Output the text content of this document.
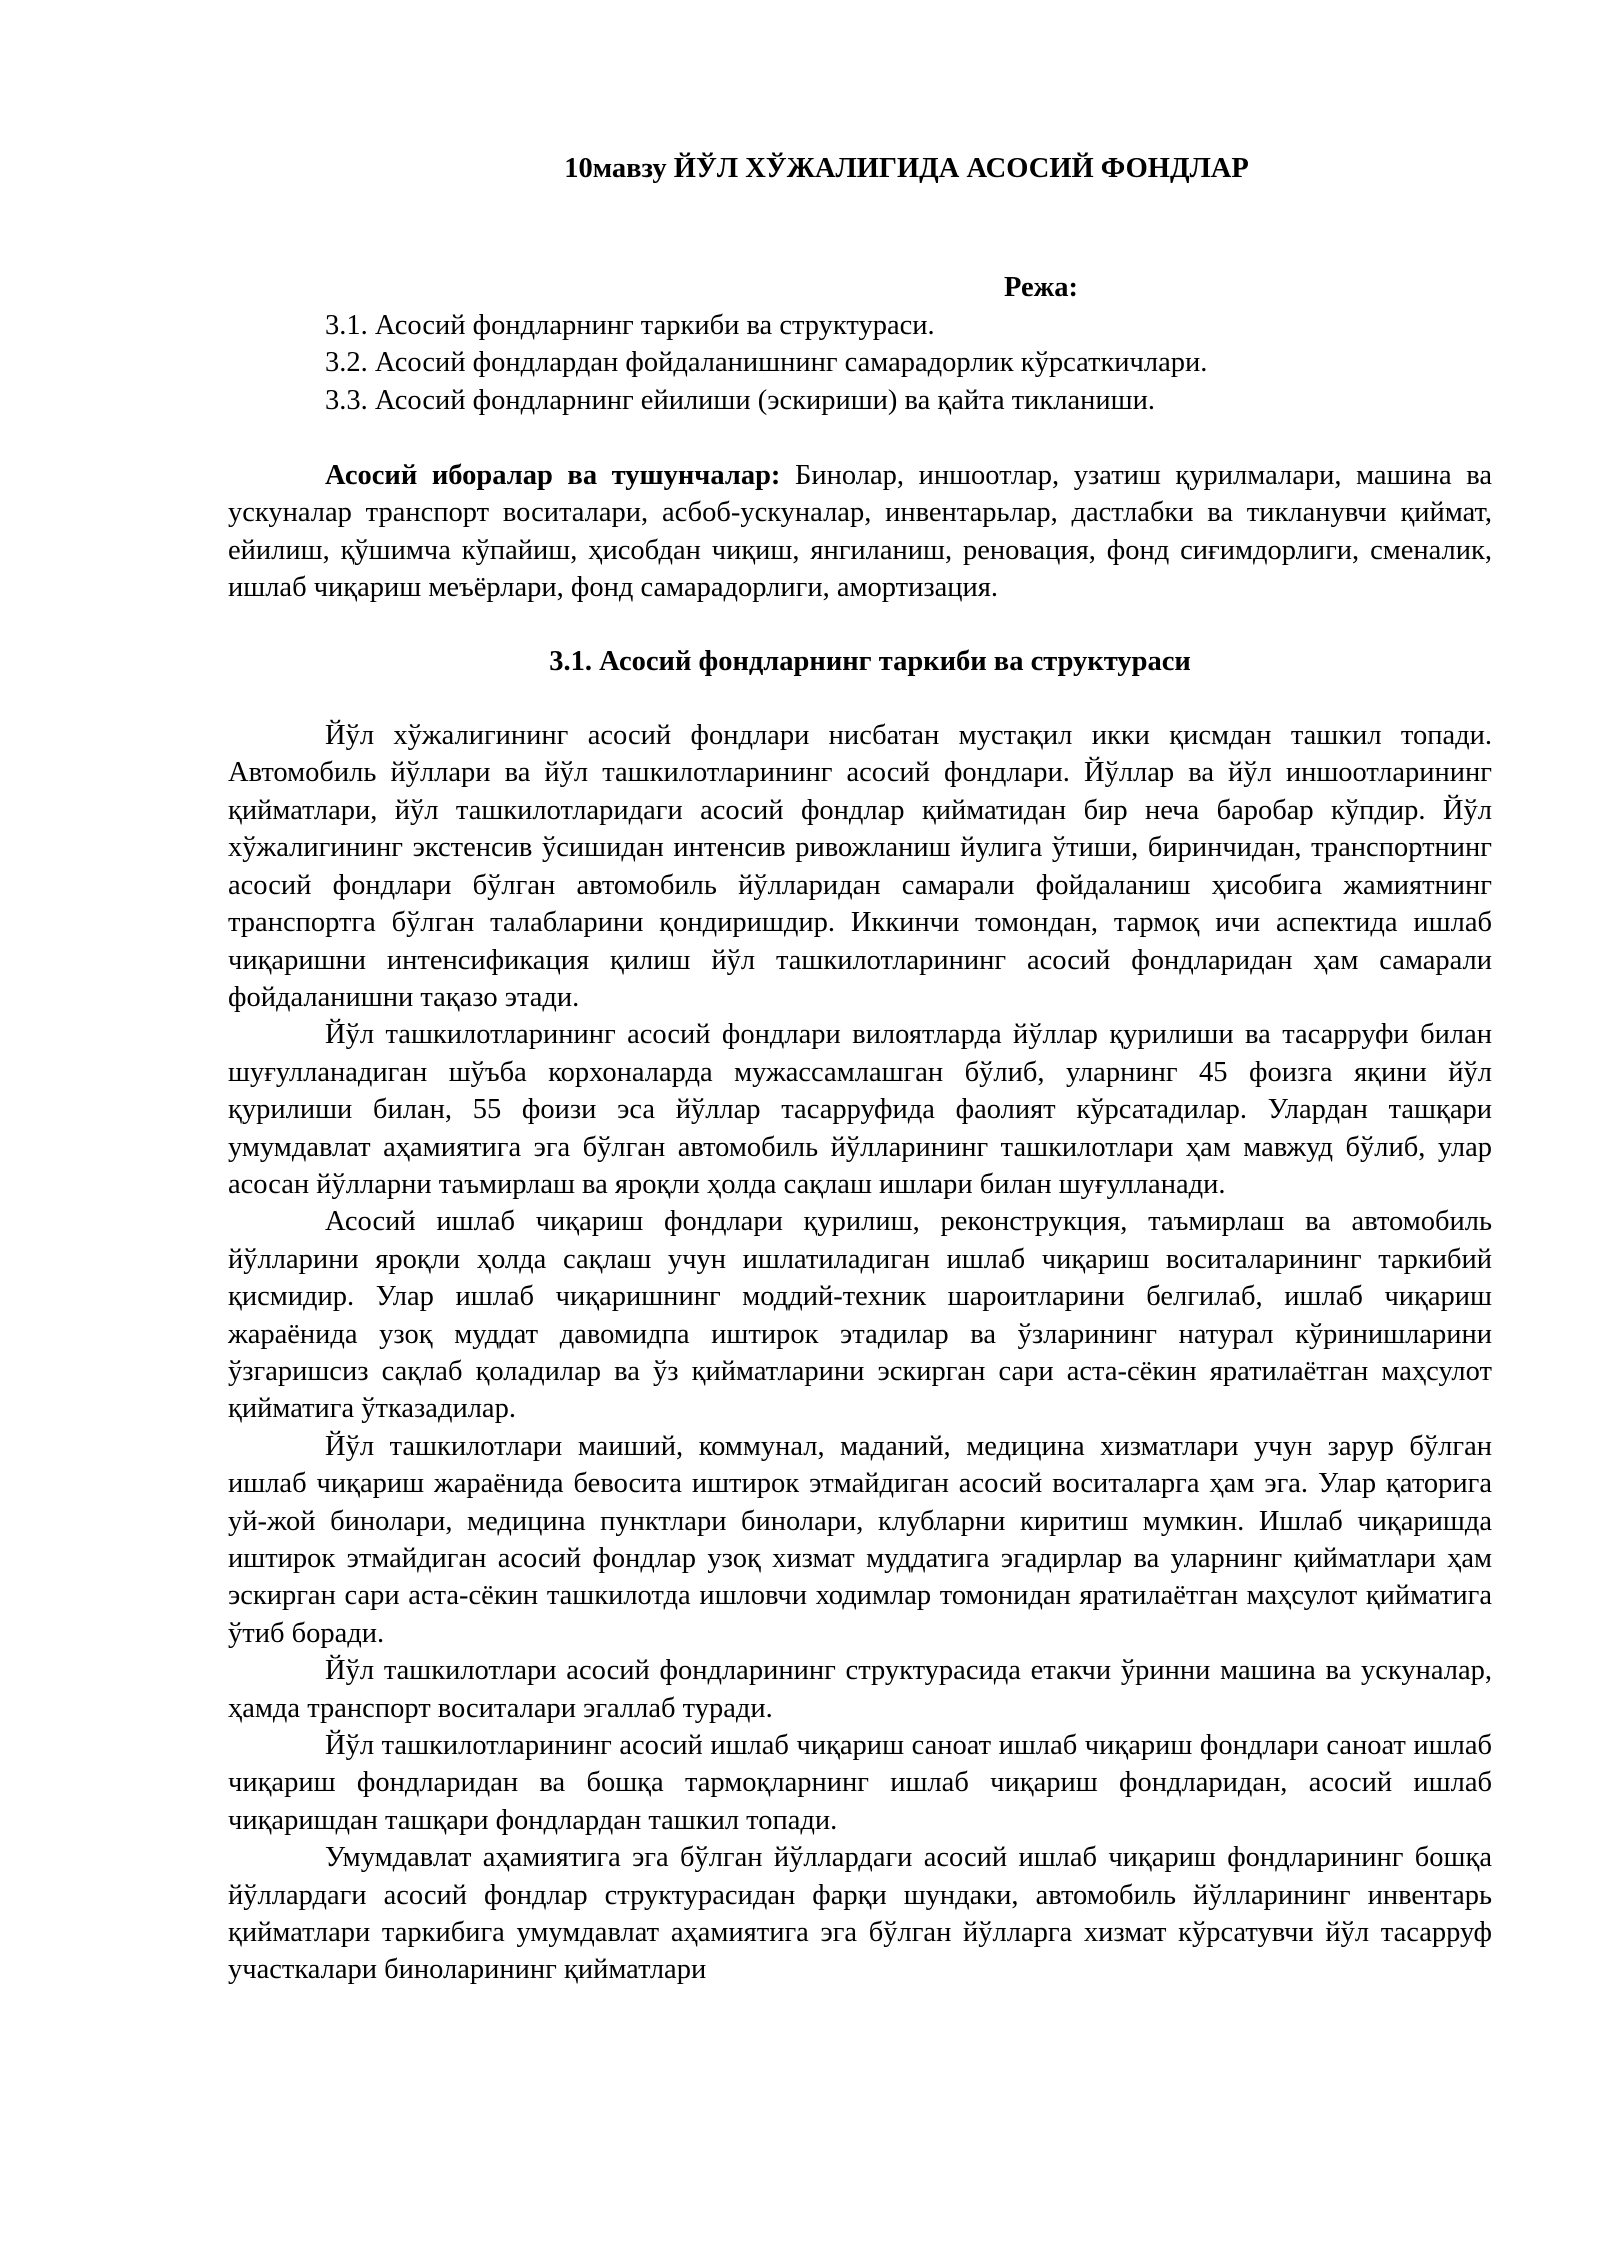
10мавзу ЙЎЛ ХЎЖАЛИГИДА АСОСИЙ ФОНДЛАР
Режа:
3.1. Асосий фондларнинг таркиби ва структураси.
3.2. Асосий фондлардан фойдаланишнинг самарадорлик кўрсаткичлари.
3.3. Асосий фондларнинг ейилиши (эскириши) ва қайта тикланиши.

Асосий иборалар ва тушунчалар: Бинолар, иншоотлар, узатиш қурилмалари, машина ва ускуналар транспорт воситалари, асбоб-ускуналар, инвентарьлар, дастлабки ва тикланувчи қиймат, ейилиш, қўшимча кўпайиш, ҳисобдан чиқиш, янгиланиш, реновация, фонд сиғимдорлиги, сменалик, ишлаб чиқариш меъёрлари, фонд самарадорлиги, амортизация.

3.1. Асосий фондларнинг таркиби ва структураси

Йўл хўжалигининг асосий фондлари нисбатан мустақил икки қисмдан ташкил топади. Автомобиль йўллари ва йўл ташкилотларининг асосий фондлари. Йўллар ва йўл иншоотларининг қийматлари, йўл ташкилотларидаги асосий фондлар қийматидан бир неча баробар кўпдир. Йўл хўжалигининг экстенсив ўсишидан интенсив ривожланиш йулига ўтиши, биринчидан, транспортнинг асосий фондлари бўлган автомобиль йўлларидан самарали фойдаланиш ҳисобига жамиятнинг транспортга бўлган талабларини қондиришдир. Иккинчи томондан, тармоқ ичи аспектида ишлаб чиқаришни интенсификация қилиш йўл ташкилотларининг асосий фондларидан ҳам самарали фойдаланишни тақазо этади.

Йўл ташкилотларининг асосий фондлари вилоятларда йўллар қурилиши ва тасарруфи билан шуғулланадиган шўъба корхоналарда мужассамлашган бўлиб, уларнинг 45 фоизга яқини йўл қурилиши билан, 55 фоизи эса йўллар тасарруфида фаолият кўрсатадилар. Улардан ташқари умумдавлат аҳамиятига эга бўлган автомобиль йўлларининг ташкилотлари ҳам мавжуд бўлиб, улар асосан йўлларни таъмирлаш ва яроқли ҳолда сақлаш ишлари билан шуғулланади.

Асосий ишлаб чиқариш фондлари қурилиш, реконструкция, таъмирлаш ва автомобиль йўлларини яроқли ҳолда сақлаш учун ишлатиладиган ишлаб чиқариш воситаларининг таркибий қисмидир. Улар ишлаб чиқаришнинг моддий-техник шароитларини белгилаб, ишлаб чиқариш жараёнида узоқ муддат давомидпа иштирок этадилар ва ўзларининг натурал кўринишларини ўзгаришсиз сақлаб қоладилар ва ўз қийматларини эскирган сари аста-сёкин яратилаётган маҳсулот қийматига ўтказадилар.

Йўл ташкилотлари маиший, коммунал, маданий, медицина хизматлари учун зарур бўлган ишлаб чиқариш жараёнида бевосита иштирок этмайдиган асосий воситаларга ҳам эга. Улар қаторига уй-жой бинолари, медицина пунктлари бинолари, клубларни киритиш мумкин. Ишлаб чиқаришда иштирок этмайдиган асосий фондлар узоқ хизмат муддатига эгадирлар ва уларнинг қийматлари ҳам эскирган сари аста-сёкин ташкилотда ишловчи ходимлар томонидан яратилаётган маҳсулот қийматига ўтиб боради.

Йўл ташкилотлари асосий фондларининг структурасида етакчи ўринни машина ва ускуналар, ҳамда транспорт воситалари эгаллаб туради.

Йўл ташкилотларининг асосий ишлаб чиқариш саноат ишлаб чиқариш фондлари саноат ишлаб чиқариш фондларидан ва бошқа тармоқларнинг ишлаб чиқариш фондларидан, асосий ишлаб чиқаришдан ташқари фондлардан ташкил топади.

Умумдавлат аҳамиятига эга бўлган йўллардаги асосий ишлаб чиқариш фондларининг бошқа йўллардаги асосий фондлар структурасидан фарқи шундаки, автомобиль йўлларининг инвентарь қийматлари таркибига умумдавлат аҳамиятига эга бўлган йўлларга хизмат кўрсатувчи йўл тасарруф участкалари биноларининг қийматлари
